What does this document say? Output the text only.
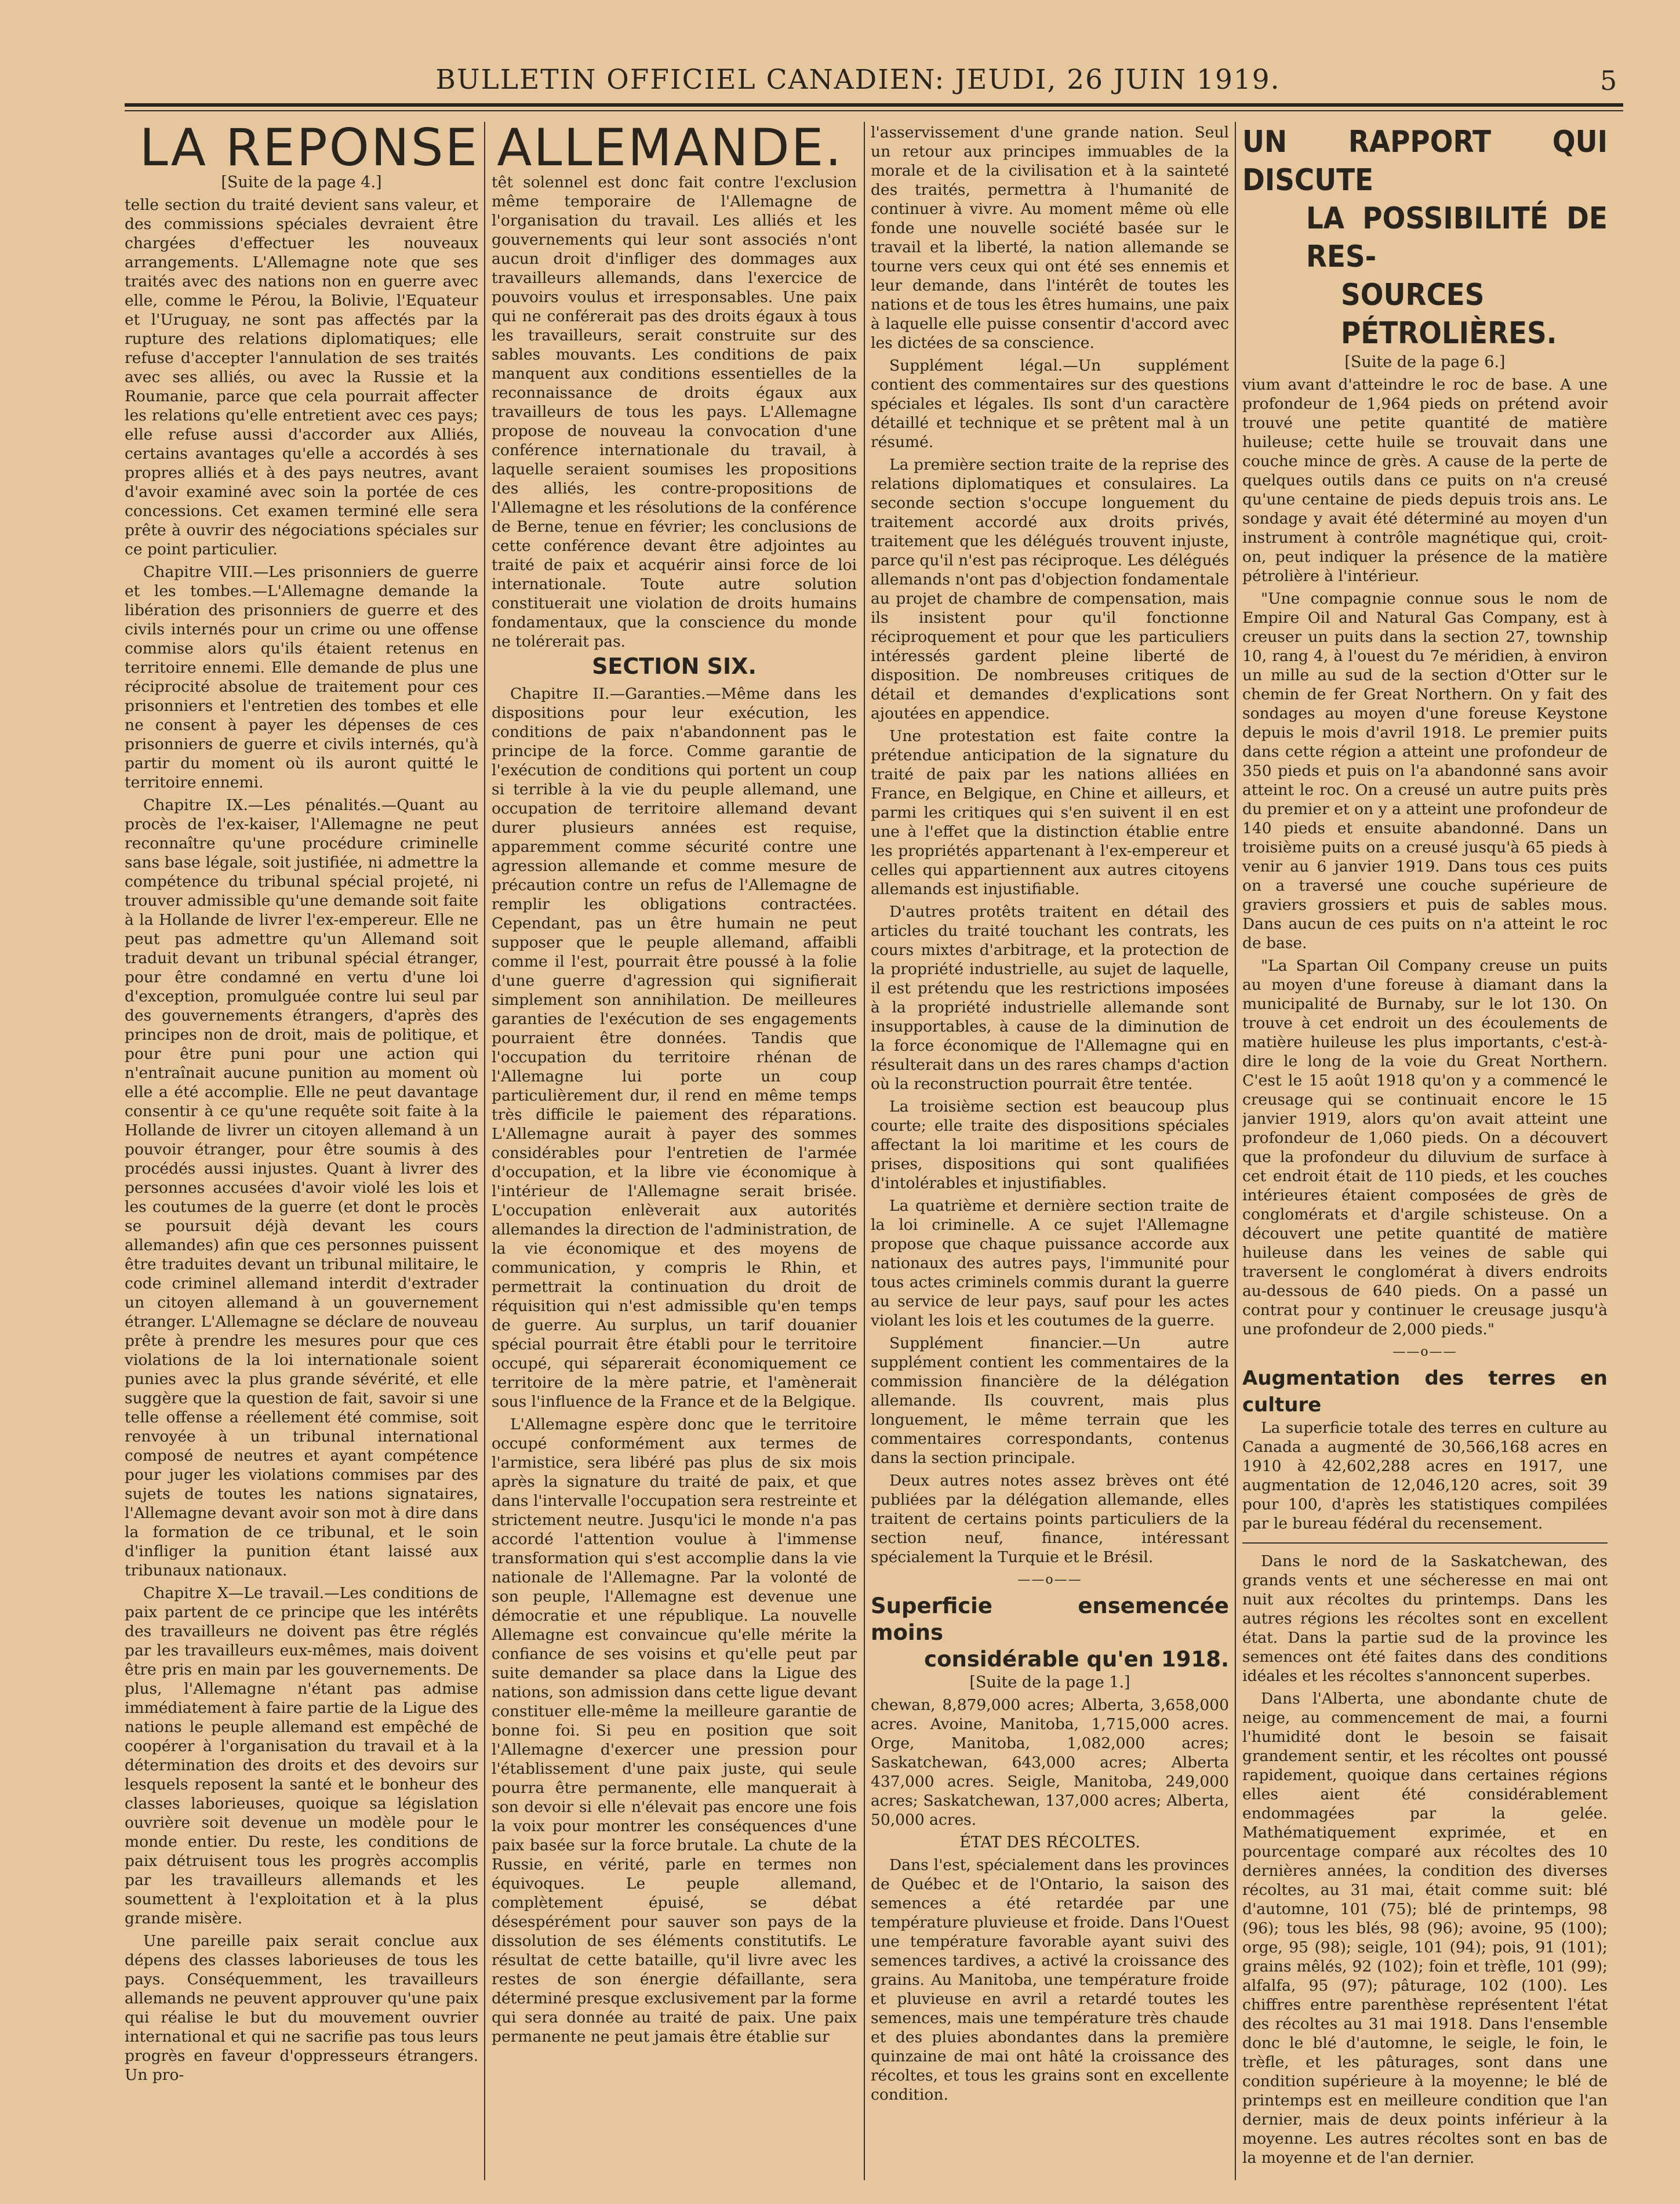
BULLETIN OFFICIEL CANADIEN: JEUDI, 26 JUIN 1919.	5
LA REPONSE ALLEMANDE.

[Suite de la page 4.]

telle section du traité devient sans valeur, et des commissions spéciales devraient être chargées d'effectuer les nouveaux arrangements. L'Allemagne note que ses traités avec des nations non en guerre avec elle, comme le Pérou, la Bolivie, l'Equateur et l'Uruguay, ne sont pas affectés par la rupture des relations diplomatiques; elle refuse d'accepter l'annulation de ses traités avec ses alliés, ou avec la Russie et la Roumanie, parce que cela pourrait affecter les relations qu'elle entretient avec ces pays; elle refuse aussi d'accorder aux Alliés, certains avantages qu'elle a accordés à ses propres alliés et à des pays neutres, avant d'avoir examiné avec soin la portée de ces concessions. Cet examen terminé elle sera prête à ouvrir des négociations spéciales sur ce point particulier.

Chapitre VIII.—Les prisonniers de guerre et les tombes.—L'Allemagne demande la libération des prisonniers de guerre et des civils internés pour un crime ou une offense commise alors qu'ils étaient retenus en territoire ennemi. Elle demande de plus une réciprocité absolue de traitement pour ces prisonniers et l'entretien des tombes et elle ne consent à payer les dépenses de ces prisonniers de guerre et civils internés, qu'à partir du moment où ils auront quitté le territoire ennemi.

Chapitre IX.—Les pénalités.—Quant au procès de l'ex-kaiser, l'Allemagne ne peut reconnaître qu'une procédure criminelle sans base légale, soit justifiée, ni admettre la compétence du tribunal spécial projeté, ni trouver admissible qu'une demande soit faite à la Hollande de livrer l'ex-empereur. Elle ne peut pas admettre qu'un Allemand soit traduit devant un tribunal spécial étranger, pour être condamné en vertu d'une loi d'exception, promulguée contre lui seul par des gouvernements étrangers, d'après des principes non de droit, mais de politique, et pour être puni pour une action qui n'entraînait aucune punition au moment où elle a été accomplie. Elle ne peut davantage consentir à ce qu'une requête soit faite à la Hollande de livrer un citoyen allemand à un pouvoir étranger, pour être soumis à des procédés aussi injustes. Quant à livrer des personnes accusées d'avoir violé les lois et les coutumes de la guerre (et dont le procès se poursuit déjà devant les cours allemandes) afin que ces personnes puissent être traduites devant un tribunal militaire, le code criminel allemand interdit d'extrader un citoyen allemand à un gouvernement étranger. L'Allemagne se déclare de nouveau prête à prendre les mesures pour que ces violations de la loi internationale soient punies avec la plus grande sévérité, et elle suggère que la question de fait, savoir si une telle offense a réellement été commise, soit renvoyée à un tribunal international composé de neutres et ayant compétence pour juger les violations commises par des sujets de toutes les nations signataires, l'Allemagne devant avoir son mot à dire dans la formation de ce tribunal, et le soin d'infliger la punition étant laissé aux tribunaux nationaux.

Chapitre X—Le travail.—Les conditions de paix partent de ce principe que les intérêts des travailleurs ne doivent pas être réglés par les travailleurs eux-mêmes, mais doivent être pris en main par les gouvernements. De plus, l'Allemagne n'étant pas admise immédiatement à faire partie de la Ligue des nations le peuple allemand est empêché de coopérer à l'organisation du travail et à la détermination des droits et des devoirs sur lesquels reposent la santé et le bonheur des classes laborieuses, quoique sa législation ouvrière soit devenue un modèle pour le monde entier. Du reste, les conditions de paix détruisent tous les progrès accomplis par les travailleurs allemands et les soumettent à l'exploitation et à la plus grande misère.

Une pareille paix serait conclue aux dépens des classes laborieuses de tous les pays. Conséquemment, les travailleurs allemands ne peuvent approuver qu'une paix qui réalise le but du mouvement ouvrier international et qui ne sacrifie pas tous leurs progrès en faveur d'oppresseurs étrangers. Un pro-

têt solennel est donc fait contre l'exclusion même temporaire de l'Allemagne de l'organisation du travail. Les alliés et les gouvernements qui leur sont associés n'ont aucun droit d'infliger des dommages aux travailleurs allemands, dans l'exercice de pouvoirs voulus et irresponsables. Une paix qui ne conférerait pas des droits égaux à tous les travailleurs, serait construite sur des sables mouvants. Les conditions de paix manquent aux conditions essentielles de la reconnaissance de droits égaux aux travailleurs de tous les pays. L'Allemagne propose de nouveau la convocation d'une conférence internationale du travail, à laquelle seraient soumises les propositions des alliés, les contre-propositions de l'Allemagne et les résolutions de la conférence de Berne, tenue en février; les conclusions de cette conférence devant être adjointes au traité de paix et acquérir ainsi force de loi internationale. Toute autre solution constituerait une violation de droits humains fondamentaux, que la conscience du monde ne tolérerait pas.

SECTION SIX.

Chapitre II.—Garanties.—Même dans les dispositions pour leur exécution, les conditions de paix n'abandonnent pas le principe de la force. Comme garantie de l'exécution de conditions qui portent un coup si terrible à la vie du peuple allemand, une occupation de territoire allemand devant durer plusieurs années est requise, apparemment comme sécurité contre une agression allemande et comme mesure de précaution contre un refus de l'Allemagne de remplir les obligations contractées. Cependant, pas un être humain ne peut supposer que le peuple allemand, affaibli comme il l'est, pourrait être poussé à la folie d'une guerre d'agression qui signifierait simplement son annihilation. De meilleures garanties de l'exécution de ses engagements pourraient être données. Tandis que l'occupation du territoire rhénan de l'Allemagne lui porte un coup particulièrement dur, il rend en même temps très difficile le paiement des réparations. L'Allemagne aurait à payer des sommes considérables pour l'entretien de l'armée d'occupation, et la libre vie économique à l'intérieur de l'Allemagne serait brisée. L'occupation enlèverait aux autorités allemandes la direction de l'administration, de la vie économique et des moyens de communication, y compris le Rhin, et permettrait la continuation du droit de réquisition qui n'est admissible qu'en temps de guerre. Au surplus, un tarif douanier spécial pourrait être établi pour le territoire occupé, qui séparerait économiquement ce territoire de la mère patrie, et l'amènerait sous l'influence de la France et de la Belgique.

L'Allemagne espère donc que le territoire occupé conformément aux termes de l'armistice, sera libéré pas plus de six mois après la signature du traité de paix, et que dans l'intervalle l'occupation sera restreinte et strictement neutre. Jusqu'ici le monde n'a pas accordé l'attention voulue à l'immense transformation qui s'est accomplie dans la vie nationale de l'Allemagne. Par la volonté de son peuple, l'Allemagne est devenue une démocratie et une république. La nouvelle Allemagne est convaincue qu'elle mérite la confiance de ses voisins et qu'elle peut par suite demander sa place dans la Ligue des nations, son admission dans cette ligue devant constituer elle-même la meilleure garantie de bonne foi. Si peu en position que soit l'Allemagne d'exercer une pression pour l'établissement d'une paix juste, qui seule pourra être permanente, elle manquerait à son devoir si elle n'élevait pas encore une fois la voix pour montrer les conséquences d'une paix basée sur la force brutale. La chute de la Russie, en vérité, parle en termes non équivoques. Le peuple allemand, complètement épuisé, se débat désespérément pour sauver son pays de la dissolution de ses éléments constitutifs. Le résultat de cette bataille, qu'il livre avec les restes de son énergie défaillante, sera déterminé presque exclusivement par la forme qui sera donnée au traité de paix. Une paix permanente ne peut jamais être établie sur

l'asservissement d'une grande nation. Seul un retour aux principes immuables de la morale et de la civilisation et à la sainteté des traités, permettra à l'humanité de continuer à vivre. Au moment même où elle fonde une nouvelle société basée sur le travail et la liberté, la nation allemande se tourne vers ceux qui ont été ses ennemis et leur demande, dans l'intérêt de toutes les nations et de tous les êtres humains, une paix à laquelle elle puisse consentir d'accord avec les dictées de sa conscience.

Supplément légal.—Un supplément contient des commentaires sur des questions spéciales et légales. Ils sont d'un caractère détaillé et technique et se prêtent mal à un résumé.

La première section traite de la reprise des relations diplomatiques et consulaires. La seconde section s'occupe longuement du traitement accordé aux droits privés, traitement que les délégués trouvent injuste, parce qu'il n'est pas réciproque. Les délégués allemands n'ont pas d'objection fondamentale au projet de chambre de compensation, mais ils insistent pour qu'il fonctionne réciproquement et pour que les particuliers intéressés gardent pleine liberté de disposition. De nombreuses critiques de détail et demandes d'explications sont ajoutées en appendice.

Une protestation est faite contre la prétendue anticipation de la signature du traité de paix par les nations alliées en France, en Belgique, en Chine et ailleurs, et parmi les critiques qui s'en suivent il en est une à l'effet que la distinction établie entre les propriétés appartenant à l'ex-empereur et celles qui appartiennent aux autres citoyens allemands est injustifiable.

D'autres protêts traitent en détail des articles du traité touchant les contrats, les cours mixtes d'arbitrage, et la protection de la propriété industrielle, au sujet de laquelle, il est prétendu que les restrictions imposées à la propriété industrielle allemande sont insupportables, à cause de la diminution de la force économique de l'Allemagne qui en résulterait dans un des rares champs d'action où la reconstruction pourrait être tentée.

La troisième section est beaucoup plus courte; elle traite des dispositions spéciales affectant la loi maritime et les cours de prises, dispositions qui sont qualifiées d'intolérables et injustifiables.

La quatrième et dernière section traite de la loi criminelle. A ce sujet l'Allemagne propose que chaque puissance accorde aux nationaux des autres pays, l'immunité pour tous actes criminels commis durant la guerre au service de leur pays, sauf pour les actes violant les lois et les coutumes de la guerre.

Supplément financier.—Un autre supplément contient les commentaires de la commission financière de la délégation allemande. Ils couvrent, mais plus longuement, le même terrain que les commentaires correspondants, contenus dans la section principale.

Deux autres notes assez brèves ont été publiées par la délégation allemande, elles traitent de certains points particuliers de la section neuf, finance, intéressant spécialement la Turquie et le Brésil.

——o——

Superficie ensemencée moins
considérable qu'en 1918.

[Suite de la page 1.]

chewan, 8,879,000 acres; Alberta, 3,658,000 acres. Avoine, Manitoba, 1,715,000 acres. Orge, Manitoba, 1,082,000 acres; Saskatchewan, 643,000 acres; Alberta 437,000 acres. Seigle, Manitoba, 249,000 acres; Saskatchewan, 137,000 acres; Alberta, 50,000 acres.

ÉTAT DES RÉCOLTES.

Dans l'est, spécialement dans les provinces de Québec et de l'Ontario, la saison des semences a été retardée par une température pluvieuse et froide. Dans l'Ouest une température favorable ayant suivi des semences tardives, a activé la croissance des grains. Au Manitoba, une température froide et pluvieuse en avril a retardé toutes les semences, mais une température très chaude et des pluies abondantes dans la première quinzaine de mai ont hâté la croissance des récoltes, et tous les grains sont en excellente condition.

UN RAPPORT QUI DISCUTE
LA POSSIBILITÉ DE RES-
SOURCES PÉTROLIÈRES.

[Suite de la page 6.]

vium avant d'atteindre le roc de base. A une profondeur de 1,964 pieds on prétend avoir trouvé une petite quantité de matière huileuse; cette huile se trouvait dans une couche mince de grès. A cause de la perte de quelques outils dans ce puits on n'a creusé qu'une centaine de pieds depuis trois ans. Le sondage y avait été déterminé au moyen d'un instrument à contrôle magnétique qui, croit-on, peut indiquer la présence de la matière pétrolière à l'intérieur.

"Une compagnie connue sous le nom de Empire Oil and Natural Gas Company, est à creuser un puits dans la section 27, township 10, rang 4, à l'ouest du 7e méridien, à environ un mille au sud de la section d'Otter sur le chemin de fer Great Northern. On y fait des sondages au moyen d'une foreuse Keystone depuis le mois d'avril 1918. Le premier puits dans cette région a atteint une profondeur de 350 pieds et puis on l'a abandonné sans avoir atteint le roc. On a creusé un autre puits près du premier et on y a atteint une profondeur de 140 pieds et ensuite abandonné. Dans un troisième puits on a creusé jusqu'à 65 pieds à venir au 6 janvier 1919. Dans tous ces puits on a traversé une couche supérieure de graviers grossiers et puis de sables mous. Dans aucun de ces puits on n'a atteint le roc de base.

"La Spartan Oil Company creuse un puits au moyen d'une foreuse à diamant dans la municipalité de Burnaby, sur le lot 130. On trouve à cet endroit un des écoulements de matière huileuse les plus importants, c'est-à-dire le long de la voie du Great Northern. C'est le 15 août 1918 qu'on y a commencé le creusage qui se continuait encore le 15 janvier 1919, alors qu'on avait atteint une profondeur de 1,060 pieds. On a découvert que la profondeur du diluvium de surface à cet endroit était de 110 pieds, et les couches intérieures étaient composées de grès de conglomérats et d'argile schisteuse. On a découvert une petite quantité de matière huileuse dans les veines de sable qui traversent le conglomérat à divers endroits au-dessous de 640 pieds. On a passé un contrat pour y continuer le creusage jusqu'à une profondeur de 2,000 pieds."

——o——

Augmentation des terres en culture

La superficie totale des terres en culture au Canada a augmenté de 30,566,168 acres en 1910 à 42,602,288 acres en 1917, une augmentation de 12,046,120 acres, soit 39 pour 100, d'après les statistiques compilées par le bureau fédéral du recensement.

Dans le nord de la Saskatchewan, des grands vents et une sécheresse en mai ont nuit aux récoltes du printemps. Dans les autres régions les récoltes sont en excellent état. Dans la partie sud de la province les semences ont été faites dans des conditions idéales et les récoltes s'annoncent superbes.

Dans l'Alberta, une abondante chute de neige, au commencement de mai, a fourni l'humidité dont le besoin se faisait grandement sentir, et les récoltes ont poussé rapidement, quoique dans certaines régions elles aient été considérablement endommagées par la gelée. Mathématiquement exprimée, et en pourcentage comparé aux récoltes des 10 dernières années, la condition des diverses récoltes, au 31 mai, était comme suit: blé d'automne, 101 (75); blé de printemps, 98 (96); tous les blés, 98 (96); avoine, 95 (100); orge, 95 (98); seigle, 101 (94); pois, 91 (101); grains mêlés, 92 (102); foin et trèfle, 101 (99); alfalfa, 95 (97); pâturage, 102 (100). Les chiffres entre parenthèse représentent l'état des récoltes au 31 mai 1918. Dans l'ensemble donc le blé d'automne, le seigle, le foin, le trèfle, et les pâturages, sont dans une condition supérieure à la moyenne; le blé de printemps est en meilleure condition que l'an dernier, mais de deux points inférieur à la moyenne. Les autres récoltes sont en bas de la moyenne et de l'an dernier.
